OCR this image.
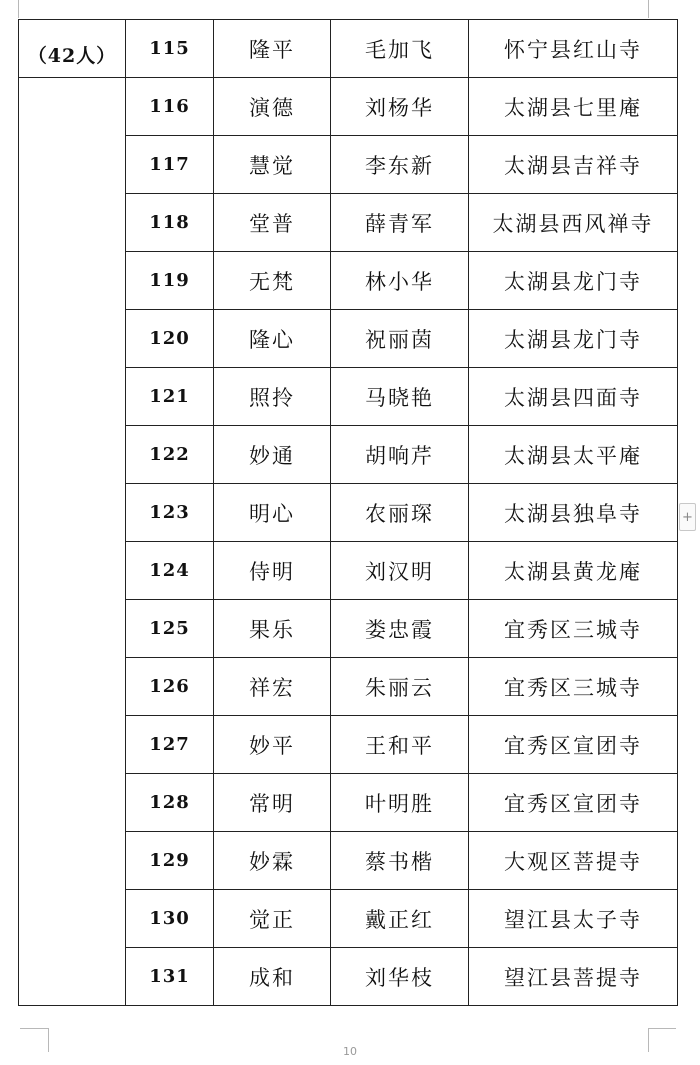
（42人）	115	隆平	毛加飞	怀宁县红山寺
	116	演德	刘杨华	太湖县七里庵
	117	慧觉	李东新	太湖县吉祥寺
	118	堂普	薛青军	太湖县西风禅寺
	119	无梵	林小华	太湖县龙门寺
	120	隆心	祝丽茵	太湖县龙门寺
	121	照拎	马晓艳	太湖县四面寺
	122	妙通	胡响芹	太湖县太平庵
	123	明心	农丽琛	太湖县独阜寺
	124	侍明	刘汉明	太湖县黄龙庵
	125	果乐	娄忠霞	宜秀区三城寺
	126	祥宏	朱丽云	宜秀区三城寺
	127	妙平	王和平	宜秀区宣团寺
	128	常明	叶明胜	宜秀区宣团寺
	129	妙霖	蔡书楷	大观区菩提寺
	130	觉正	戴正红	望江县太子寺
	131	成和	刘华枝	望江县菩提寺
+
10
